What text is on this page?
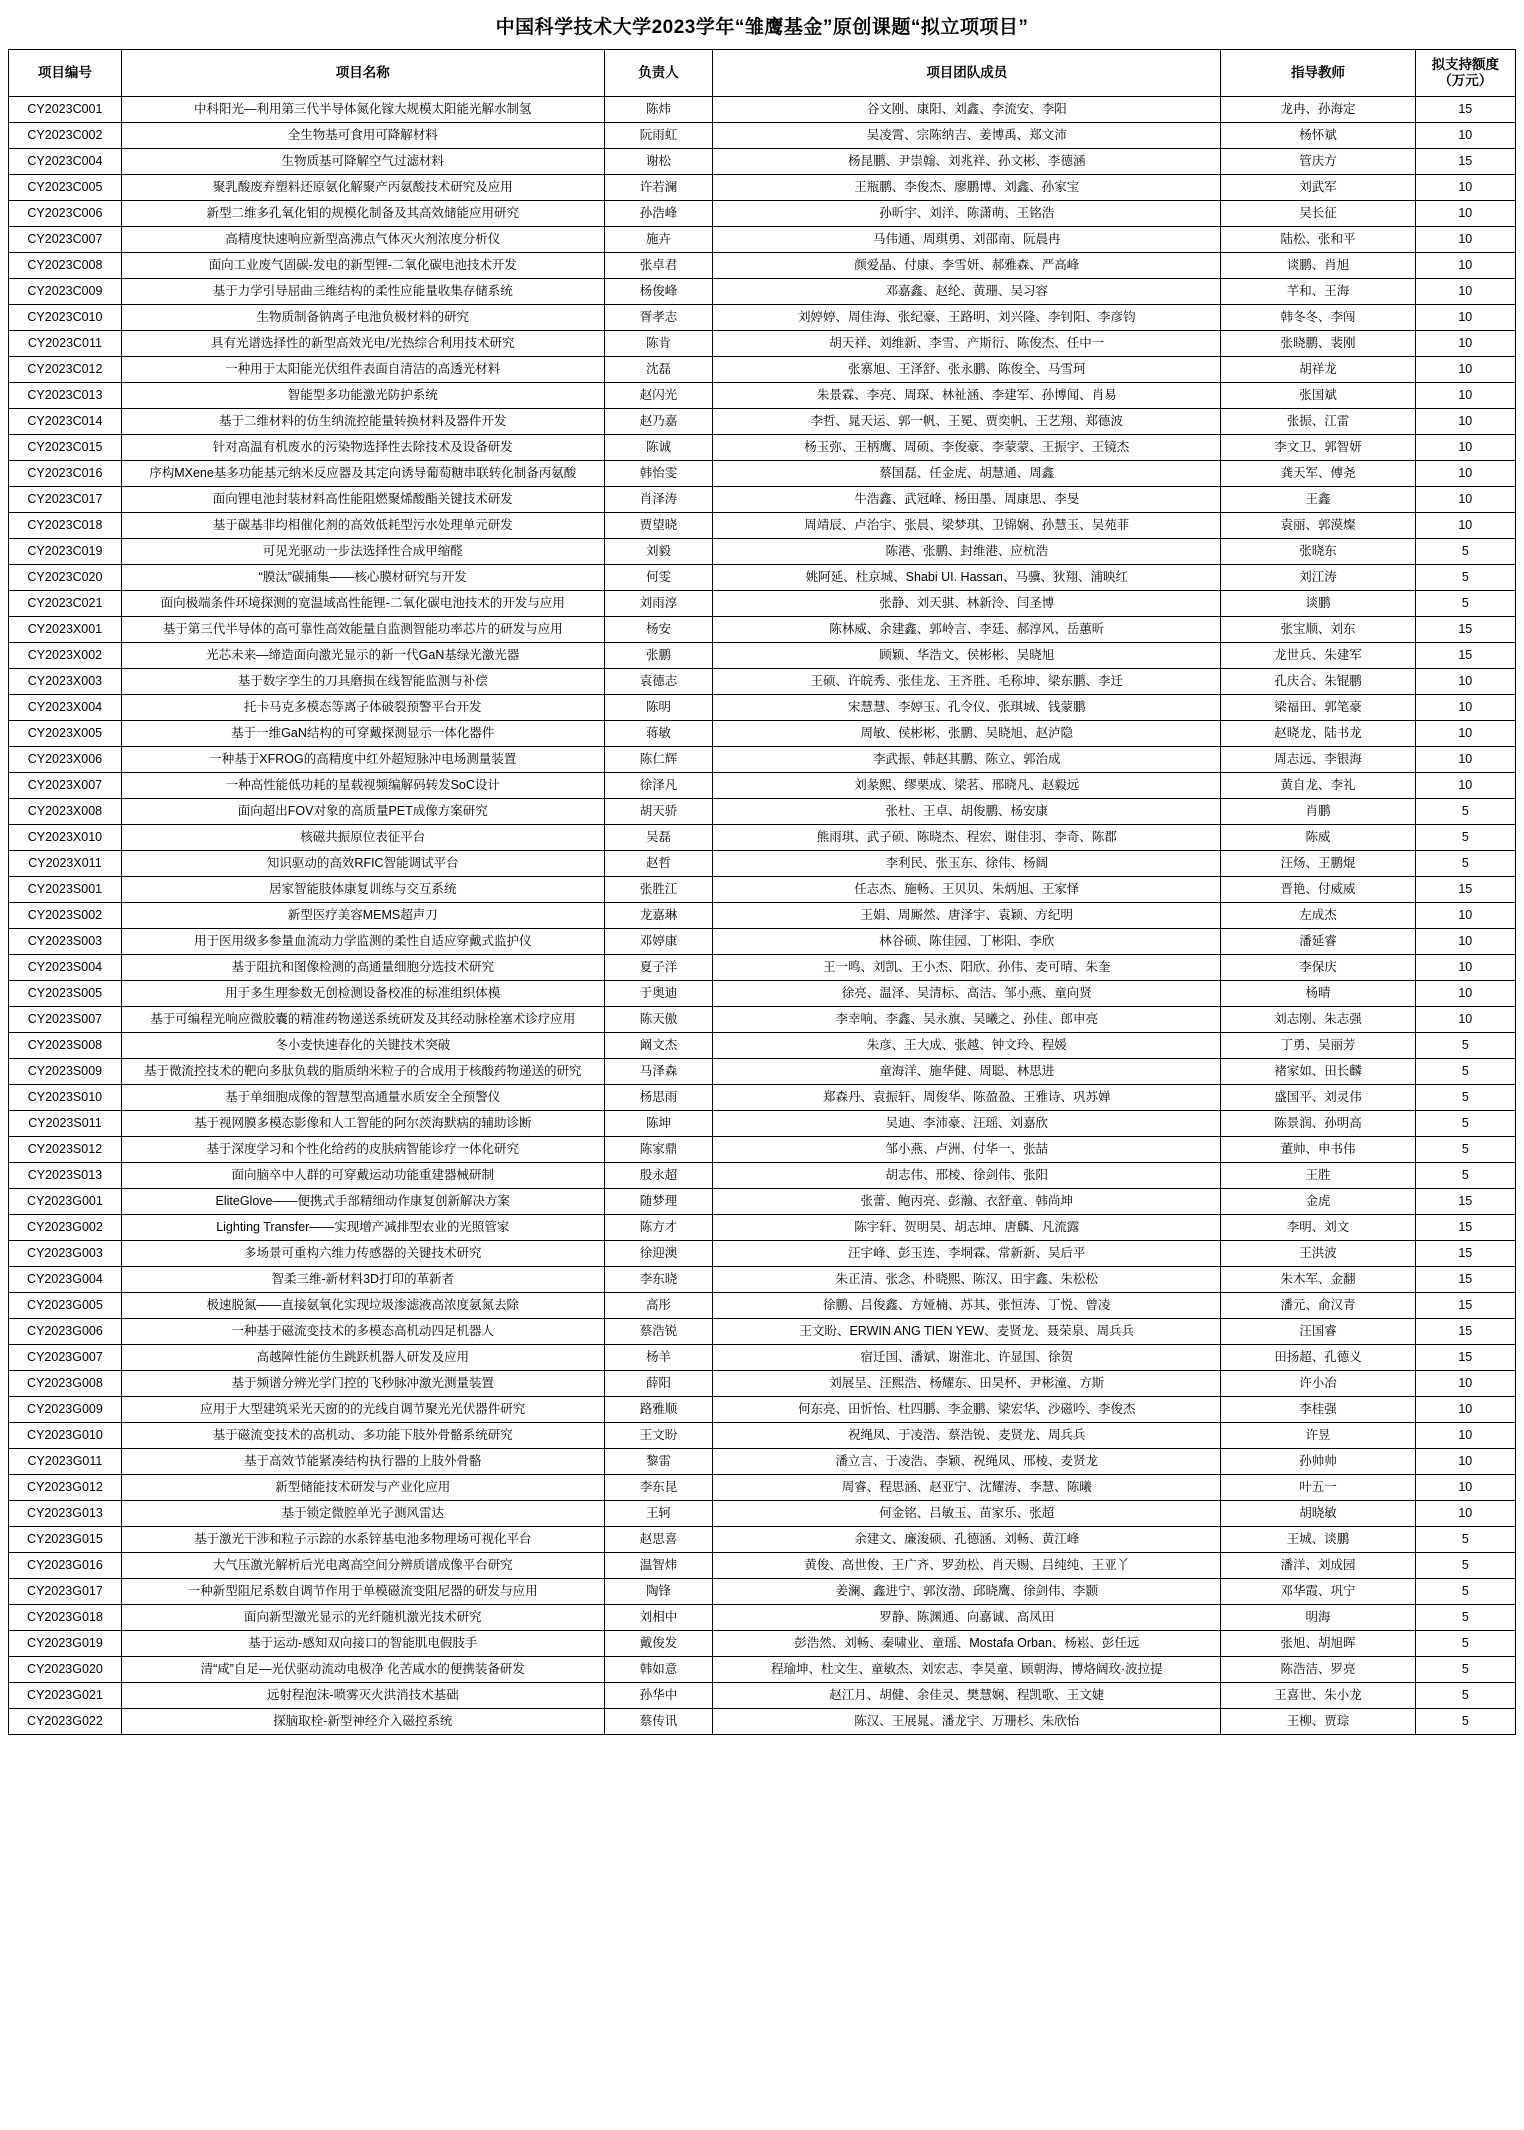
中国科学技术大学2023学年“雏鹰基金”原创课题“拟立项项目”
项目编号	项目名称	负责人	项目团队成员	指导教师	拟支持额度
（万元）

CY2023C001	中科阳光—利用第三代半导体氮化镓大规模太阳能光解水制氢	陈炜	谷文刚、康阳、刘鑫、李流安、李阳	龙冉、孙海定	15
CY2023C002	全生物基可食用可降解材料	阮雨虹	吴凌霄、宗陈纳吉、姜博禹、郑文沛	杨怀斌	10
CY2023C004	生物质基可降解空气过滤材料	谢松	杨昆鹏、尹崇翰、刘兆祥、孙文彬、李德涵	管庆方	15
CY2023C005	聚乳酸废弃塑料还原氨化解聚产丙氨酸技术研究及应用	许若澜	王瓶鹏、李俊杰、廖鹏博、刘鑫、孙家宝	刘武军	10
CY2023C006	新型二维多孔氧化钼的规模化制备及其高效储能应用研究	孙浩峰	孙昕宇、刘洋、陈潇萌、王铭浩	吴长征	10
CY2023C007	高精度快速响应新型高沸点气体灭火剂浓度分析仪	施卉	马伟通、周琪勇、刘邵南、阮晨冉	陆松、张和平	10
CY2023C008	面向工业废气固碳-发电的新型锂-二氧化碳电池技术开发	张卓君	颜爱晶、付康、李雪妍、郝雅森、严高峰	谈鹏、肖旭	10
CY2023C009	基于力学引导屈曲三维结构的柔性应能量收集存储系统	杨俊峰	邓嘉鑫、赵纶、黄珊、吴习容	芊和、王海	10
CY2023C010	生物质制备钠离子电池负极材料的研究	胥孝志	刘婷婷、周佳海、张纪豪、王路明、刘兴隆、李钊阳、李彦钧	韩冬冬、李闯	10
CY2023C011	具有光谱选择性的新型高效光电/光热综合利用技术研究	陈肯	胡天祥、刘维新、李雪、产斯衍、陈俊杰、任中一	张晓鹏、裴刚	10
CY2023C012	一种用于太阳能光伏组件表面自清洁的高透光材料	沈磊	张寨旭、王泽舒、张永鹏、陈俊全、马雪珂	胡祥龙	10
CY2023C013	智能型多功能激光防护系统	赵闪光	朱景霖、李亮、周琛、林祉涵、李建军、孙博闻、肖易	张国斌	10
CY2023C014	基于二维材料的仿生纳流控能量转换材料及器件开发	赵乃嘉	李哲、晁天运、郭一帆、王冕、贾奕帆、王艺翔、郑德波	张振、江雷	10
CY2023C015	针对高温有机废水的污染物选择性去除技术及设备研发	陈诚	杨玉弥、王柄鹰、周硕、李俊豪、李蒙蒙、王振宇、王镜杰	李文卫、郭智妍	10
CY2023C016	序构MXene基多功能基元纳米反应器及其定向诱导葡萄糖串联转化制备丙氨酸	韩怡雯	蔡国磊、任金虎、胡慧通、周鑫	龚天军、傅尧	10
CY2023C017	面向锂电池封装材料高性能阻燃聚烯酸酯关键技术研发	肖泽涛	牛浩鑫、武冠峰、杨田墨、周康思、李旻	王鑫	10
CY2023C018	基于碳基非均相催化剂的高效低耗型污水处理单元研发	贾望晓	周靖辰、卢治宇、张晨、梁梦琪、卫锦娴、孙慧玉、吴苑菲	袁丽、郭漠燦	10
CY2023C019	可见光驱动一步法选择性合成甲缩醛	刘毅	陈港、张鹏、封维港、应杭浩	张晓东	5
CY2023C020	“膜汰”碳捕集——核心膜材研究与开发	何雯	姚阿延、杜京城、Shabi UI. Hassan、马骥、狄翔、浦映红	刘江涛	5
CY2023C021	面向极端条件环境探测的宽温域高性能锂-二氧化碳电池技术的开发与应用	刘雨淳	张静、刘天骐、林新泠、闫圣博	谈鹏	5
CY2023X001	基于第三代半导体的高可靠性高效能量自监测智能功率芯片的研发与应用	杨安	陈林威、余建鑫、郭岭言、李廷、郝淳风、岳蕙昕	张宝顺、刘东	15
CY2023X002	光芯未来—缔造面向激光显示的新一代GaN基绿光激光器	张鹏	顾颖、华浩文、侯彬彬、吴晓旭	龙世兵、朱建军	15
CY2023X003	基于数字孪生的刀具磨损在线智能监测与补偿	袁德志	王硕、许皖秀、张佳龙、王齐胜、毛称坤、梁东鹏、李迁	孔庆合、朱锟鹏	10
CY2023X004	托卡马克多模态等离子体破裂预警平台开发	陈明	宋慧慧、李婷玉、孔令仪、张琪城、钱蒙鹏	梁福田、郭笔豪	10
CY2023X005	基于一维GaN结构的可穿戴探测显示一体化器件	蒋敏	周敏、侯彬彬、张鹏、吴晓旭、赵泸隐	赵晓龙、陆书龙	10
CY2023X006	一种基于XFROG的高精度中红外超短脉冲电场测量装置	陈仁辉	李武振、韩赵其鹏、陈立、郭治成	周志远、李银海	10
CY2023X007	一种高性能低功耗的星载视频编解码转发SoC设计	徐泽凡	刘彖熙、缪栗成、梁茗、邢晓凡、赵毅远	黄自龙、李礼	10
CY2023X008	面向超出FOV对象的高质量PET成像方案研究	胡天骄	张杜、王卓、胡俊鹏、杨安康	肖鹏	5
CY2023X010	核磁共振原位表征平台	吴磊	熊雨琪、武子硕、陈晓杰、程宏、谢佳羽、李奇、陈郡	陈威	5
CY2023X011	知识驱动的高效RFIC智能调试平台	赵哲	李利民、张玉东、徐伟、杨阔	汪炀、王鹏焜	5
CY2023S001	居家智能肢体康复训练与交互系统	张胜江	任志杰、施畅、王贝贝、朱炳旭、王家怿	晋艳、付威威	15
CY2023S002	新型医疗美容MEMS超声刀	龙嘉琳	王娟、周厮然、唐泽宇、袁颖、方纪明	左成杰	10
CY2023S003	用于医用级多参量血流动力学监测的柔性自适应穿戴式监护仪	邓婷康	林谷硕、陈佳园、丁彬阳、李欣	潘延睿	10
CY2023S004	基于阻抗和图像检测的高通量细胞分选技术研究	夏子洋	王一鸣、刘凯、王小杰、阳欣、孙伟、麦可晴、朱奎	李保庆	10
CY2023S005	用于多生理参数无创检测设备校准的标准组织体模	于奥迪	徐亮、温泽、吴清标、高洁、邹小燕、童向贤	杨晴	10
CY2023S007	基于可编程光响应微胶囊的精准药物递送系统研发及其经动脉栓塞术诊疗应用	陈天傲	李幸响、李鑫、吴永旗、吴曦之、孙佳、郎申亮	刘志刚、朱志强	10
CY2023S008	冬小麦快速春化的关键技术突破	阚文杰	朱彦、王大成、张越、钟文玲、程媛	丁勇、吴丽芳	5
CY2023S009	基于微流控技术的靶向多肽负载的脂质纳米粒子的合成用于核酸药物递送的研究	马泽森	童海洋、施华健、周聪、林思进	褚家如、田长麟	5
CY2023S010	基于单细胞成像的智慧型高通量水质安全全预警仪	杨思雨	郑森丹、袁振轩、周俊华、陈盈盈、王雅诗、巩苏婵	盛国平、刘灵伟	5
CY2023S011	基于视网膜多模态影像和人工智能的阿尔茨海默病的辅助诊断	陈坤	吴迪、李沛豪、汪瑶、刘嘉欣	陈景润、孙明高	5
CY2023S012	基于深度学习和个性化给药的皮肤病智能诊疗一体化研究	陈家鼎	邹小燕、卢洲、付华一、张喆	董帅、申书伟	5
CY2023S013	面向脑卒中人群的可穿戴运动功能重建器械研制	殷永超	胡志伟、邢棱、徐剑伟、张阳	王胜	5
CY2023G001	EliteGlove——便携式手部精细动作康复创新解决方案	随梦理	张蕾、鲍丙亮、彭瀚、衣舒童、韩尚坤	金虎	15
CY2023G002	Lighting Transfer——实现增产减排型农业的光照管家	陈方才	陈宇轩、贺明昊、胡志坤、唐麟、凡流露	李明、刘文	15
CY2023G003	多场景可重构六维力传感器的关键技术研究	徐迎澳	汪宇峰、彭玉连、李垌霖、常新新、吴后平	王洪波	15
CY2023G004	智柔三维-新材料3D打印的革新者	李东晓	朱正清、张念、朴晓熙、陈汉、田宇鑫、朱松松	朱木军、金翻	15
CY2023G005	极速脱氮——直接氨氧化实现垃圾渗滤液高浓度氨氮去除	高彤	徐鹏、吕俊鑫、方娅楠、苏其、张恒涛、丁悦、曾凌	潘元、俞汉青	15
CY2023G006	一种基于磁流变技术的多模态高机动四足机器人	蔡浩锐	王文盼、ERWIN ANG TIEN YEW、麦贤龙、聂荣泉、周兵兵	汪国睿	15
CY2023G007	高越障性能仿生跳跃机器人研发及应用	杨羊	宿迁国、潘斌、谢淮北、许显国、徐贺	田扬超、孔德义	15
CY2023G008	基于频谱分辨光学门控的飞秒脉冲激光测量装置	薛阳	刘展呈、汪熙浩、杨耀东、田昊杯、尹彬潼、方斯	许小冶	10
CY2023G009	应用于大型建筑采光天窗的的光线自调节聚光光伏器件研究	路雅顺	何东亮、田忻怡、杜四鹏、李金鹏、梁宏华、沙磁吟、李俊杰	李桂强	10
CY2023G010	基于磁流变技术的高机动、多功能下肢外骨骼系统研究	王文盼	祝绳凤、于凌浩、蔡浩锐、麦贤龙、周兵兵	许昱	10
CY2023G011	基于高效节能紧凑结构执行器的上肢外骨骼	黎雷	潘立言、于凌浩、李颖、祝绳凤、邢棱、麦贤龙	孙帅帅	10
CY2023G012	新型储能技术研发与产业化应用	李东昆	周睿、程思涵、赵亚宁、沈耀涛、李慧、陈曦	叶五一	10
CY2023G013	基于锁定微腔单光子测风雷达	王轲	何金铭、吕敏玉、苗家乐、张超	胡晓敏	10
CY2023G015	基于激光干涉和粒子示踪的水系锌基电池多物理场可视化平台	赵思喜	余建文、廉浚硕、孔德涵、刘畅、黄江峰	王城、谈鹏	5
CY2023G016	大气压激光解析后光电离高空间分辨质谱成像平台研究	温智炜	黄俊、高世俊、王广齐、罗劲松、肖天赐、吕纯纯、王亚丫	潘洋、刘成园	5
CY2023G017	一种新型阻尼系数自调节作用于单模磁流变阻尼器的研发与应用	陶锋	姜澜、鑫进宁、郭汝渤、邱晓鹰、徐剑伟、李颢	邓华霞、巩宁	5
CY2023G018	面向新型激光显示的光纤随机激光技术研究	刘相中	罗静、陈渊通、向嘉诚、高凤田	明海	5
CY2023G019	基于运动-感知双向接口的智能肌电假肢手	戴俊发	彭浩然、刘畅、秦啸业、童瑶、Mostafa Orban、杨崧、彭任远	张旭、胡旭晖	5
CY2023G020	清“咸”自足—光伏驱动流动电极净 化苦咸水的便携装备研发	韩如意	程瑜坤、杜文生、童敏杰、刘宏志、李昊童、顾朝海、博烙阔玫·波拉提	陈浩洁、罗亮	5
CY2023G021	远射程泡沫-喷雾灭火洪消技术基础	孙华中	赵江月、胡健、余佳灵、樊慧娴、程凯歌、王文婕	王喜世、朱小龙	5
CY2023G022	探脑取栓-新型神经介入磁控系统	蔡传讯	陈汉、王展晁、潘龙宇、万珊杉、朱欣怡	王柳、贾琮	5
